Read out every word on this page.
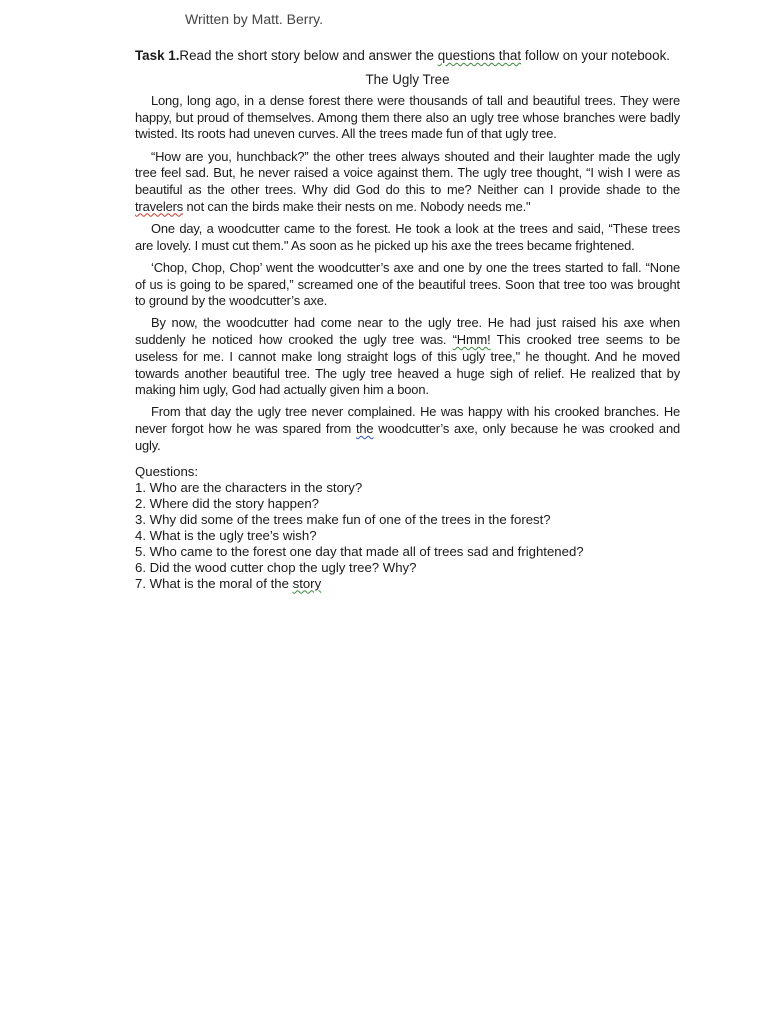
Written by Matt. Berry.
Task 1.Read the short story below and answer the questions that follow on your notebook.
The Ugly Tree

Long, long ago, in a dense forest there were thousands of tall and beautiful trees. They were happy, but proud of themselves. Among them there also an ugly tree whose branches were badly twisted. Its roots had uneven curves. All the trees made fun of that ugly tree.

“How are you, hunchback?” the other trees always shouted and their laughter made the ugly tree feel sad. But, he never raised a voice against them. The ugly tree thought, “I wish I were as beautiful as the other trees. Why did God do this to me? Neither can I provide shade to the travelers not can the birds make their nests on me. Nobody needs me."

One day, a woodcutter came to the forest. He took a look at the trees and said, “These trees are lovely. I must cut them." As soon as he picked up his axe the trees became frightened.

‘Chop, Chop, Chop’ went the woodcutter’s axe and one by one the trees started to fall. “None of us is going to be spared,” screamed one of the beautiful trees. Soon that tree too was brought to ground by the woodcutter’s axe.

By now, the woodcutter had come near to the ugly tree. He had just raised his axe when suddenly he noticed how crooked the ugly tree was. “Hmm! This crooked tree seems to be useless for me. I cannot make long straight logs of this ugly tree," he thought. And he moved towards another beautiful tree. The ugly tree heaved a huge sigh of relief. He realized that by making him ugly, God had actually given him a boon.

From that day the ugly tree never complained. He was happy with his crooked branches. He never forgot how he was spared from the woodcutter’s axe, only because he was crooked and ugly.

Questions:
1. Who are the characters in the story?
2. Where did the story happen?
3. Why did some of the trees make fun of one of the trees in the forest?
4. What is the ugly tree’s wish?
5. Who came to the forest one day that made all of trees sad and frightened?
6. Did the wood cutter chop the ugly tree? Why?
7. What is the moral of the story
